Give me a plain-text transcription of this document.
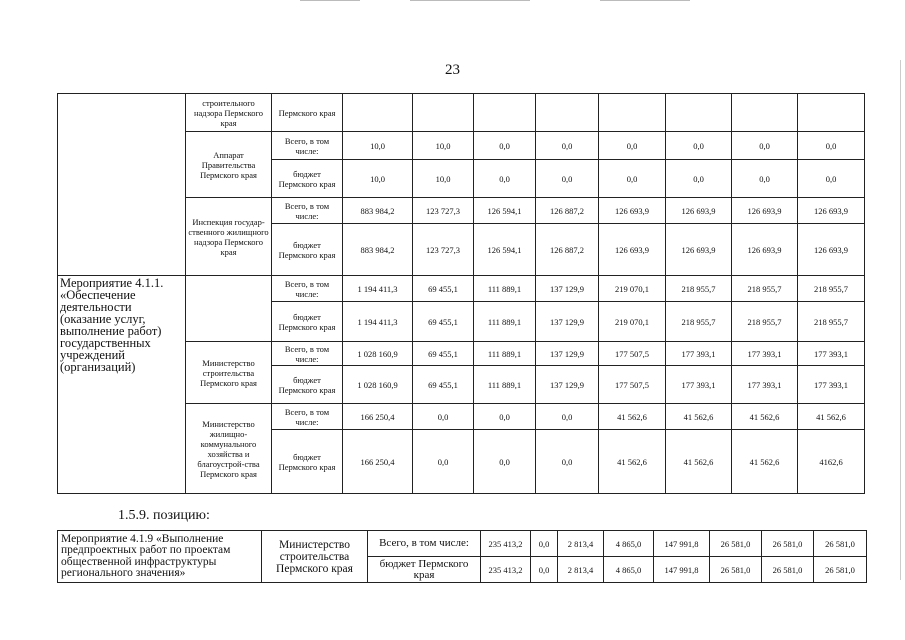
23
	строительного надзора Пермского края	Пермского края								
	Аппарат Правительства Пермского края	Всего, в том числе:	10,0	10,0	0,0	0,0	0,0	0,0	0,0	0,0
		бюджет Пермского края	10,0	10,0	0,0	0,0	0,0	0,0	0,0	0,0
	Инспекция государ-ственного жилищного надзора Пермского края	Всего, в том числе:	883 984,2	123 727,3	126 594,1	126 887,2	126 693,9	126 693,9	126 693,9	126 693,9
		бюджет Пермского края	883 984,2	123 727,3	126 594,1	126 887,2	126 693,9	126 693,9	126 693,9	126 693,9
Мероприятие 4.1.1. «Обеспечение деятельности (оказание услуг, выполнение работ) государственных учреждений (организаций)		Всего, в том числе:	1 194 411,3	69 455,1	111 889,1	137 129,9	219 070,1	218 955,7	218 955,7	218 955,7
		бюджет Пермского края	1 194 411,3	69 455,1	111 889,1	137 129,9	219 070,1	218 955,7	218 955,7	218 955,7
	Министерство строительства Пермского края	Всего, в том числе:	1 028 160,9	69 455,1	111 889,1	137 129,9	177 507,5	177 393,1	177 393,1	177 393,1
		бюджет Пермского края	1 028 160,9	69 455,1	111 889,1	137 129,9	177 507,5	177 393,1	177 393,1	177 393,1
	Министерство жилищно-коммунального хозяйства и благоустрой-ства Пермского края	Всего, в том числе:	166 250,4	0,0	0,0	0,0	41 562,6	41 562,6	41 562,6	41 562,6
		бюджет Пермского края	166 250,4	0,0	0,0	0,0	41 562,6	41 562,6	41 562,6	4162,6
1.5.9. позицию:
Мероприятие 4.1.9 «Выполнение предпроектных работ по проектам общественной инфраструктуры регионального значения»	Министерство строительства Пермского края	Всего, в том числе:	235 413,2	0,0	2 813,4	4 865,0	147 991,8	26 581,0	26 581,0	26 581,0
		бюджет Пермского края	235 413,2	0,0	2 813,4	4 865,0	147 991,8	26 581,0	26 581,0	26 581,0
